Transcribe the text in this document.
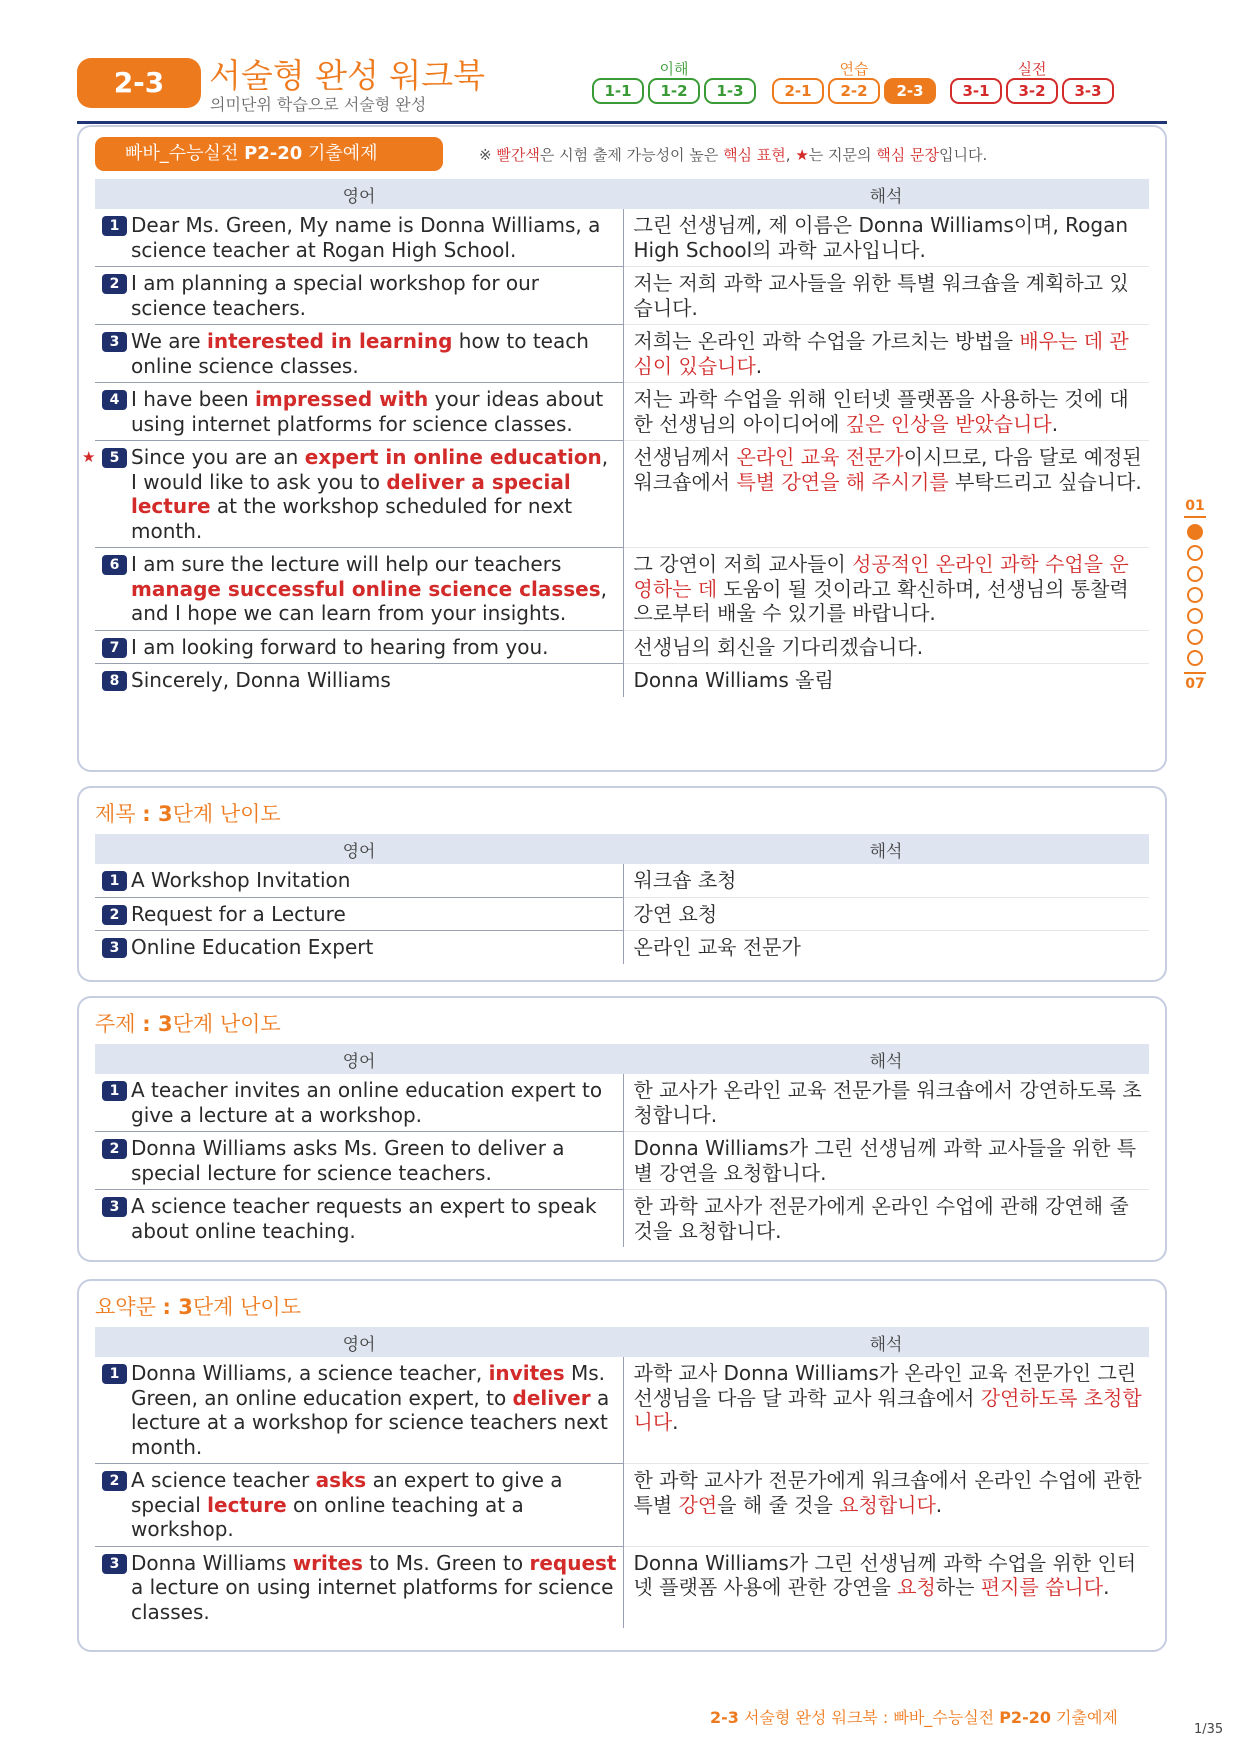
2-3	서술형 완성 워크북
의미단위 학습으로 서술형 완성
이해
1-1	1-2	1-3
연습
2-1	2-2	2-3
실전
3-1	3-2	3-3
01
07
빠바_수능실전 P2-20 기출예제	※ 빨간색은 시험 출제 가능성이 높은 핵심 표현, ★는 지문의 핵심 문장입니다.
영어	해석

1 Dear Ms. Green, My name is Donna Williams, a science teacher at Rogan High School.	그린 선생님께, 제 이름은 Donna Williams이며, Rogan High School의 과학 교사입니다.

2 I am planning a special workshop for our science teachers.	저는 저희 과학 교사들을 위한 특별 워크숍을 계획하고 있습니다.

3 We are interested in learning how to teach online science classes.	저희는 온라인 과학 수업을 가르치는 방법을 배우는 데 관심이 있습니다.

4 I have been impressed with your ideas about using internet platforms for science classes.	저는 과학 수업을 위해 인터넷 플랫폼을 사용하는 것에 대한 선생님의 아이디어에 깊은 인상을 받았습니다.

★ 5 Since you are an expert in online education, I would like to ask you to deliver a special lecture at the workshop scheduled for next month.	선생님께서 온라인 교육 전문가이시므로, 다음 달로 예정된 워크숍에서 특별 강연을 해 주시기를 부탁드리고 싶습니다.

6 I am sure the lecture will help our teachers manage successful online science classes, and I hope we can learn from your insights.	그 강연이 저희 교사들이 성공적인 온라인 과학 수업을 운영하는 데 도움이 될 것이라고 확신하며, 선생님의 통찰력으로부터 배울 수 있기를 바랍니다.

7 I am looking forward to hearing from you.	선생님의 회신을 기다리겠습니다.

8 Sincerely, Donna Williams	Donna Williams 올림
제목 : 3단계 난이도
영어	해석

1 A Workshop Invitation	워크숍 초청

2 Request for a Lecture	강연 요청

3 Online Education Expert	온라인 교육 전문가
주제 : 3단계 난이도
영어	해석

1 A teacher invites an online education expert to give a lecture at a workshop.	한 교사가 온라인 교육 전문가를 워크숍에서 강연하도록 초청합니다.

2 Donna Williams asks Ms. Green to deliver a special lecture for science teachers.	Donna Williams가 그린 선생님께 과학 교사들을 위한 특별 강연을 요청합니다.

3 A science teacher requests an expert to speak about online teaching.	한 과학 교사가 전문가에게 온라인 수업에 관해 강연해 줄 것을 요청합니다.
요약문 : 3단계 난이도
영어	해석

1 Donna Williams, a science teacher, invites Ms. Green, an online education expert, to deliver a lecture at a workshop for science teachers next month.	과학 교사 Donna Williams가 온라인 교육 전문가인 그린 선생님을 다음 달 과학 교사 워크숍에서 강연하도록 초청합니다.

2 A science teacher asks an expert to give a special lecture on online teaching at a workshop.	한 과학 교사가 전문가에게 워크숍에서 온라인 수업에 관한 특별 강연을 해 줄 것을 요청합니다.

3 Donna Williams writes to Ms. Green to request a lecture on using internet platforms for science classes.	Donna Williams가 그린 선생님께 과학 수업을 위한 인터넷 플랫폼 사용에 관한 강연을 요청하는 편지를 씁니다.
2-3 서술형 완성 워크북 : 빠바_수능실전 P2-20 기출예제
1/35
